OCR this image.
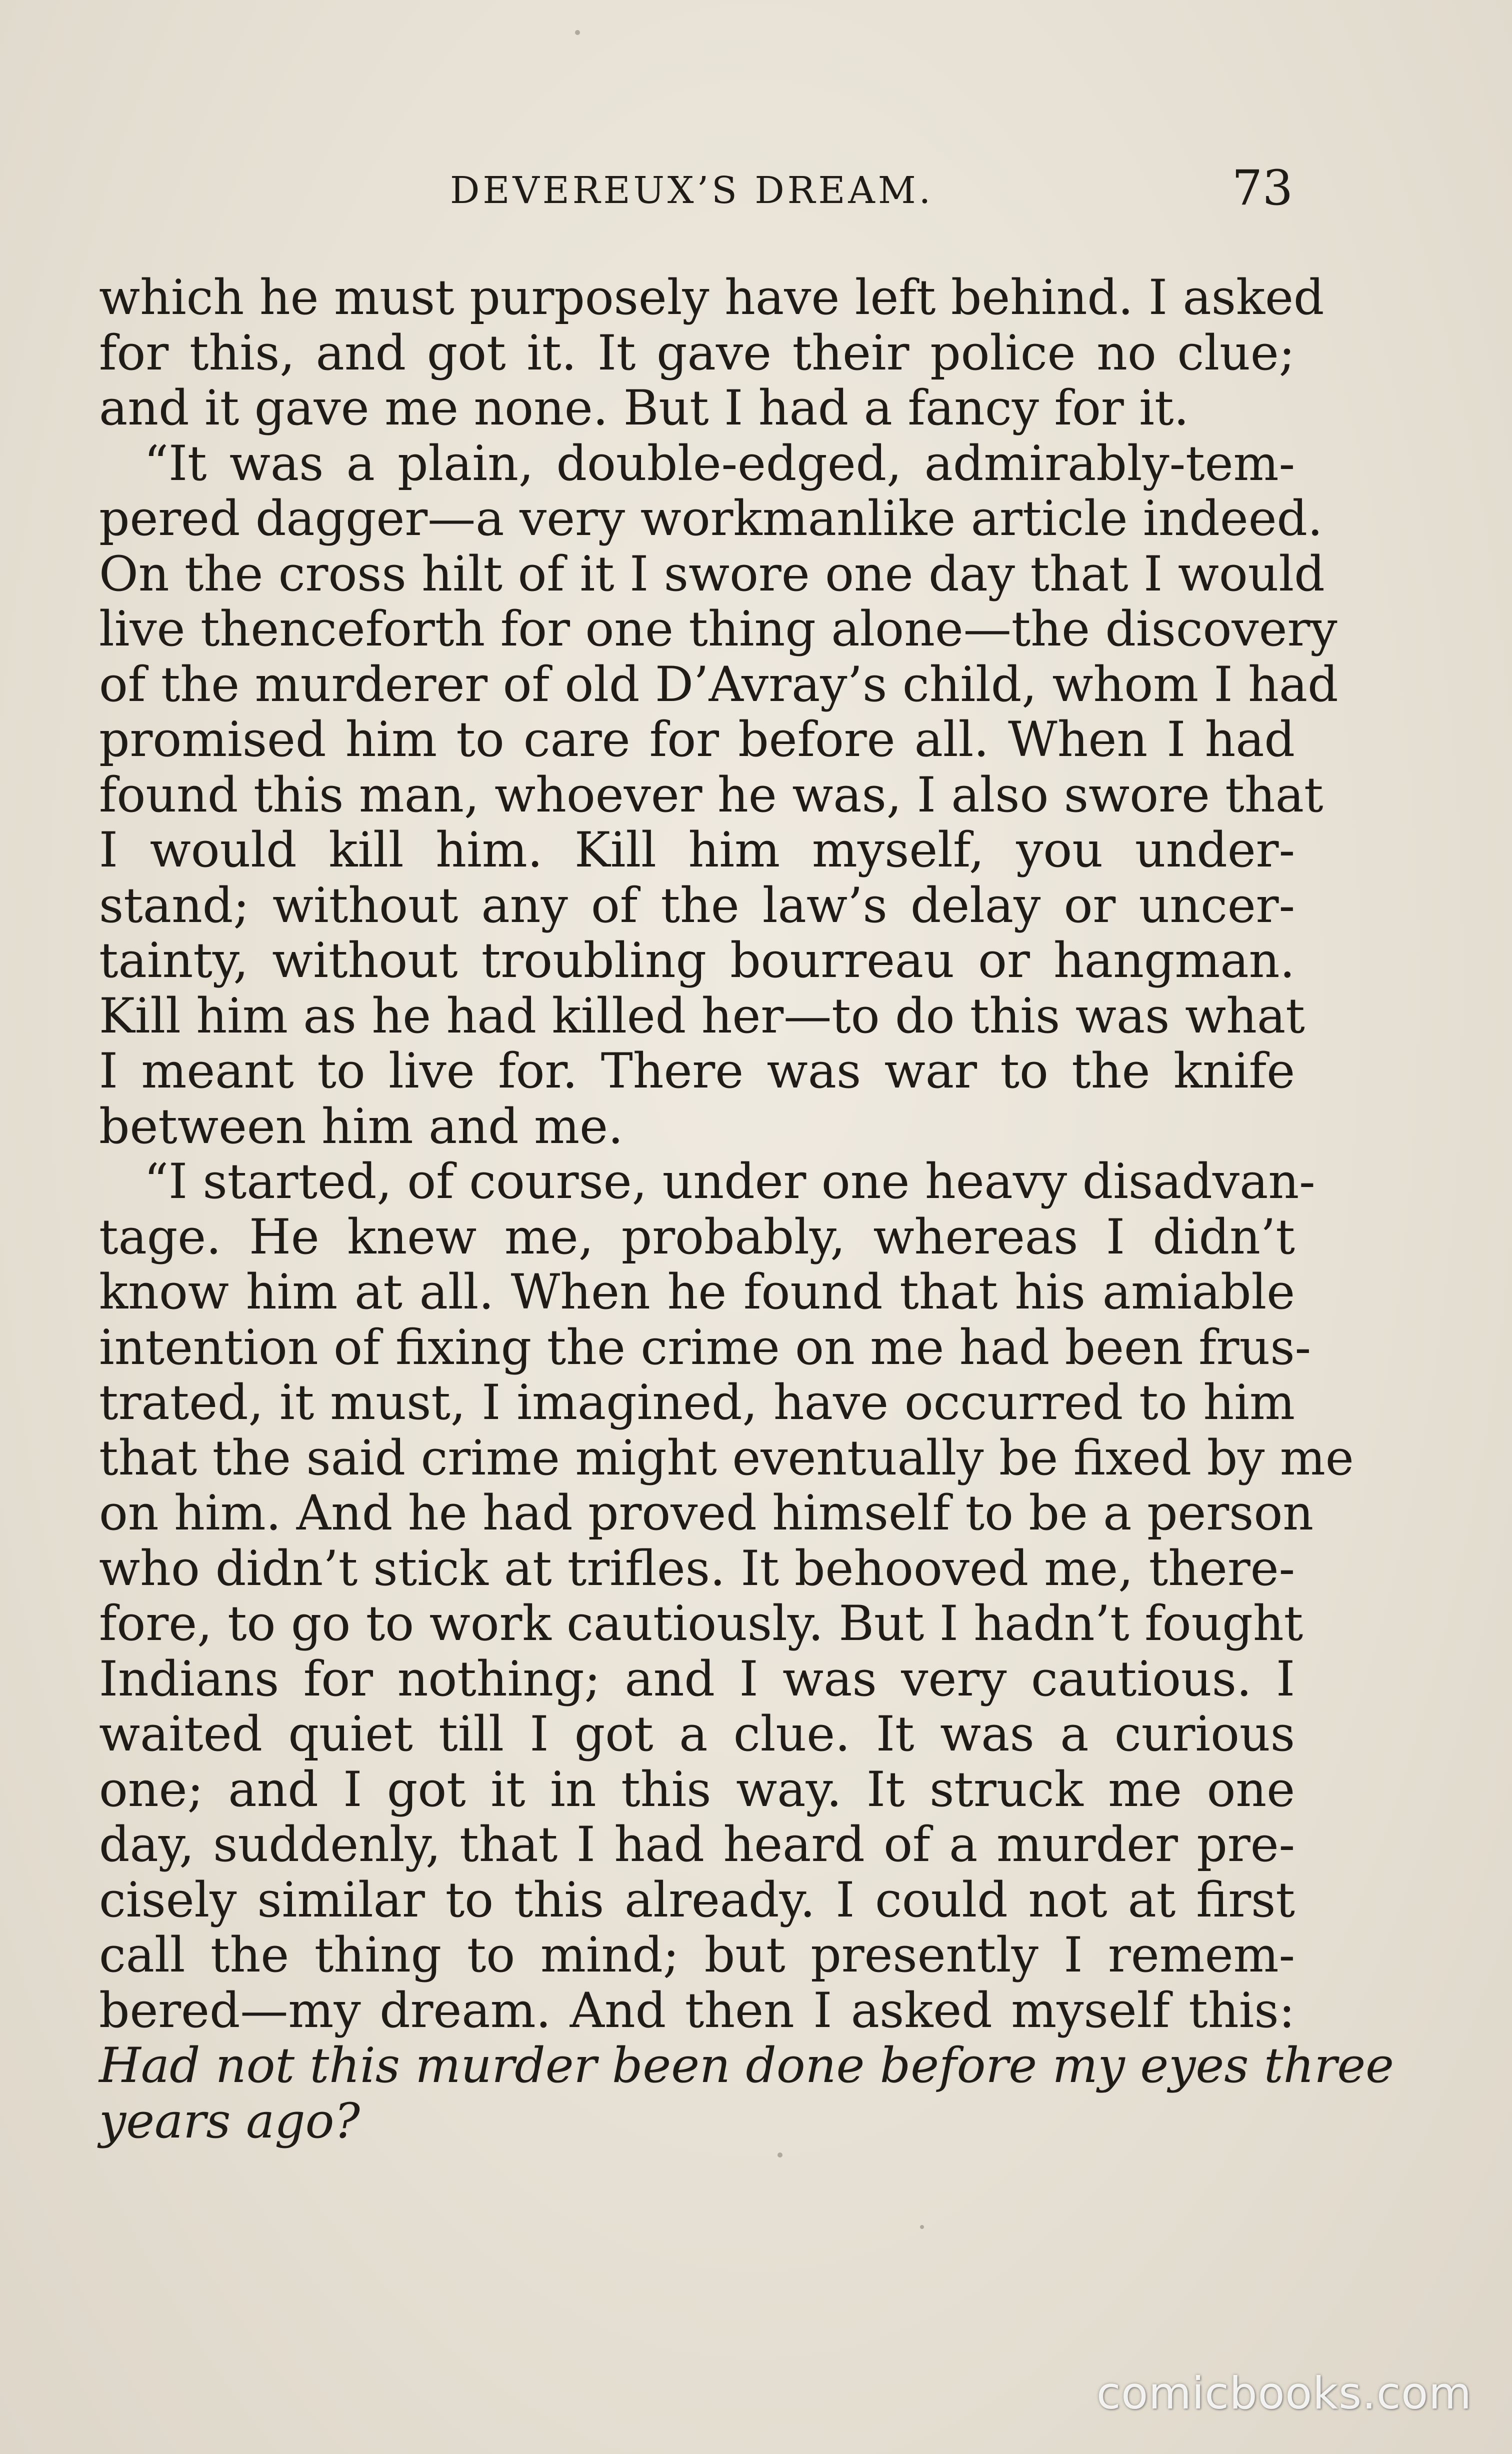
DEVEREUX’S DREAM.	73
which he must purposely have left behind. I asked
for this, and got it. It gave their police no clue;
and it gave me none. But I had a fancy for it.
“It was a plain, double-edged, admirably-tem-
pered dagger—a very workmanlike article indeed.
On the cross hilt of it I swore one day that I would
live thenceforth for one thing alone—the discovery
of the murderer of old D’Avray’s child, whom I had
promised him to care for before all. When I had
found this man, whoever he was, I also swore that
I would kill him. Kill him myself, you under-
stand; without any of the law’s delay or uncer-
tainty, without troubling bourreau or hangman.
Kill him as he had killed her—to do this was what
I meant to live for. There was war to the knife
between him and me.
“I started, of course, under one heavy disadvan-
tage. He knew me, probably, whereas I didn’t
know him at all. When he found that his amiable
intention of fixing the crime on me had been frus-
trated, it must, I imagined, have occurred to him
that the said crime might eventually be fixed by me
on him. And he had proved himself to be a person
who didn’t stick at trifles. It behooved me, there-
fore, to go to work cautiously. But I hadn’t fought
Indians for nothing; and I was very cautious. I
waited quiet till I got a clue. It was a curious
one; and I got it in this way. It struck me one
day, suddenly, that I had heard of a murder pre-
cisely similar to this already. I could not at first
call the thing to mind; but presently I remem-
bered—my dream. And then I asked myself this:
Had not this murder been done before my eyes three
years ago?
comicbooks.com
